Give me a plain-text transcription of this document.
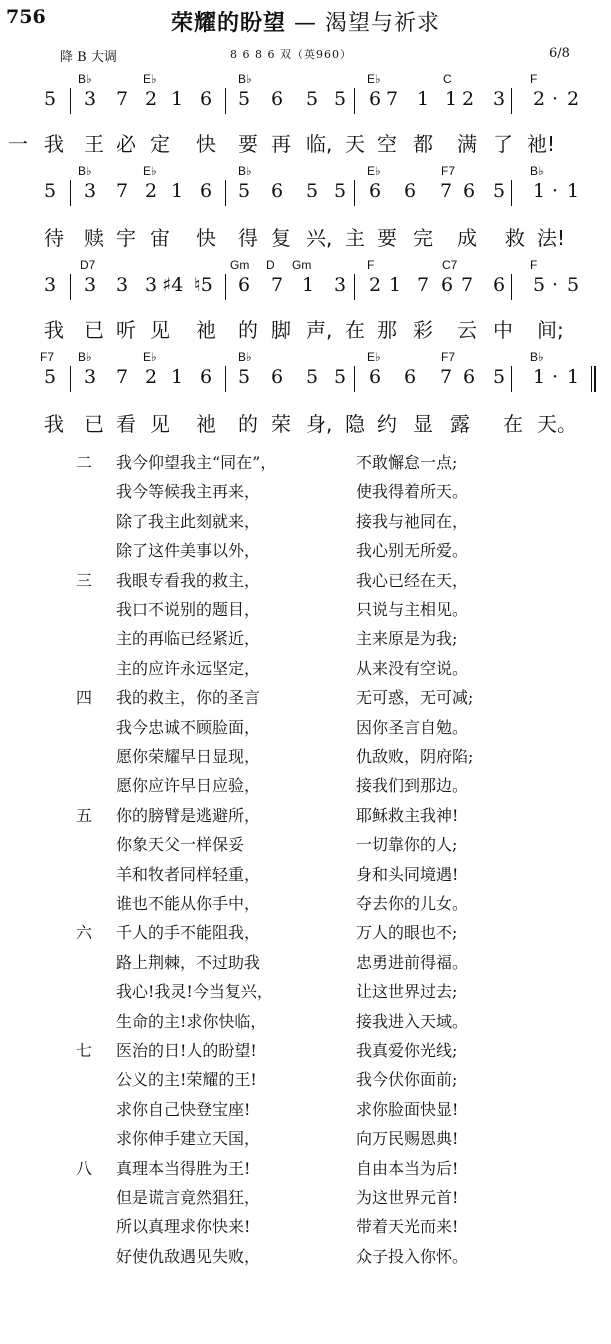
756	荣耀的盼望 — 渴望与祈求
降 B 大调	8 6 8 6 双（英960）	6/8
B♭	E♭	B♭	E♭	C	F
5 3 7 2 1 6 5 6 5 5 6 7 1 1 2 3 2 · 2
一 我 王 必 定 快 要 再 临, 天 空 都 满 了 祂!
B♭	E♭	B♭	E♭	F7	B♭
5 3 7 2 1 6 5 6 5 5 6 6 7 6 5 1 · 1
待 赎 宇 宙 快 得 复 兴, 主 要 完 成 救 法!
D7	Gm D Gm	F	C7	F
3 3 3 3 ♯4 ♮5 6 7 1 3 2 1 7 6 7 6 5 · 5
我 已 听 见 祂 的 脚 声, 在 那 彩 云 中 间;
F7 B♭	E♭	B♭	E♭	F7	B♭
5 3 7 2 1 6 5 6 5 5 6 6 7 6 5 1 · 1
我 已 看 见 祂 的 荣 身, 隐 约 显 露 在 天。
二 我今仰望我主“同在”，	不敢懈怠一点;
我今等候我主再来，	使我得着所天。
除了我主此刻就来，	接我与祂同在，
除了这件美事以外，	我心别无所爱。
三 我眼专看我的救主，	我心已经在天，
我口不说别的题目，	只说与主相见。
主的再临已经紧近，	主来原是为我;
主的应许永远坚定，	从来没有空说。
四 我的救主，你的圣言	无可惑，无可减;
我今忠诚不顾脸面，	因你圣言自勉。
愿你荣耀早日显现，	仇敌败，阴府陷;
愿你应许早日应验，	接我们到那边。
五 你的膀臂是逃避所，	耶稣救主我神!
你象天父一样保妥	一切靠你的人;
羊和牧者同样轻重，	身和头同境遇!
谁也不能从你手中，	夺去你的儿女。
六 千人的手不能阻我，	万人的眼也不;
路上荆棘，不过助我	忠勇进前得福。
我心!我灵!今当复兴，	让这世界过去;
生命的主!求你快临，	接我进入天域。
七 医治的日!人的盼望!	我真爱你光线;
公义的主!荣耀的王!	我今伏你面前;
求你自己快登宝座!	求你脸面快显!
求你伸手建立天国，	向万民赐恩典!
八 真理本当得胜为王!	自由本当为后!
但是谎言竟然猖狂，	为这世界元首!
所以真理求你快来!	带着天光而来!
好使仇敌遇见失败，	众子投入你怀。
